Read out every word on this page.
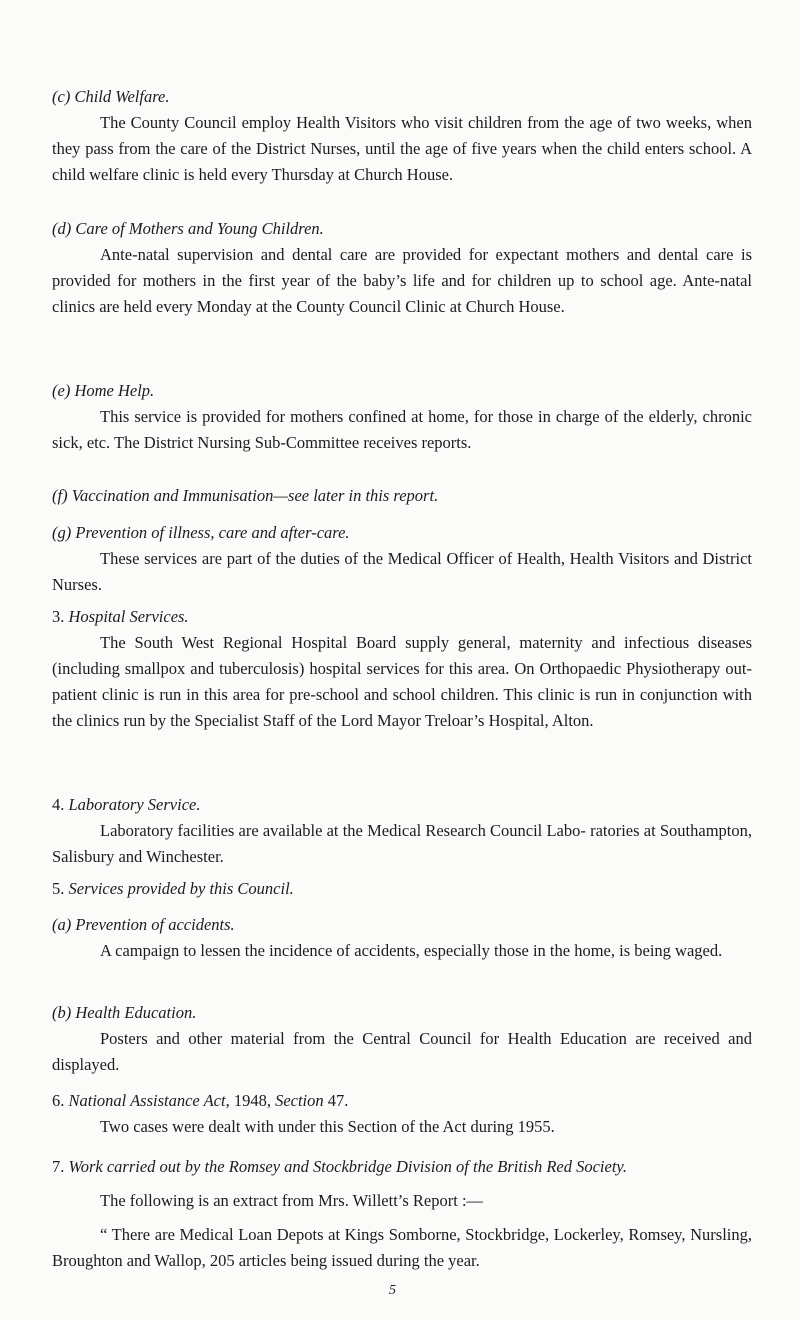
(c) Child Welfare.

The County Council employ Health Visitors who visit children from the age of two weeks, when they pass from the care of the District Nurses, until the age of five years when the child enters school. A child welfare clinic is held every Thursday at Church House.

(d) Care of Mothers and Young Children.

Ante-natal supervision and dental care are provided for expectant mothers and dental care is provided for mothers in the first year of the baby’s life and for children up to school age. Ante-natal clinics are held every Monday at the County Council Clinic at Church House.

(e) Home Help.

This service is provided for mothers confined at home, for those in charge of the elderly, chronic sick, etc. The District Nursing Sub-Committee receives reports.

(f) Vaccination and Immunisation—see later in this report.

(g) Prevention of illness, care and after-care.

These services are part of the duties of the Medical Officer of Health, Health Visitors and District Nurses.

3. Hospital Services.

The South West Regional Hospital Board supply general, maternity and infectious diseases (including smallpox and tuberculosis) hospital services for this area. On Orthopaedic Physiotherapy out-patient clinic is run in this area for pre-school and school children. This clinic is run in conjunction with the clinics run by the Specialist Staff of the Lord Mayor Treloar’s Hospital, Alton.

4. Laboratory Service.

Laboratory facilities are available at the Medical Research Council Labo- ratories at Southampton, Salisbury and Winchester.

5. Services provided by this Council.

(a) Prevention of accidents.

A campaign to lessen the incidence of accidents, especially those in the home, is being waged.

(b) Health Education.

Posters and other material from the Central Council for Health Education are received and displayed.

6. National Assistance Act, 1948, Section 47.

Two cases were dealt with under this Section of the Act during 1955.

7. Work carried out by the Romsey and Stockbridge Division of the British Red Society.

The following is an extract from Mrs. Willett’s Report :—

“ There are Medical Loan Depots at Kings Somborne, Stockbridge, Lockerley, Romsey, Nursling, Broughton and Wallop, 205 articles being issued during the year.

5
